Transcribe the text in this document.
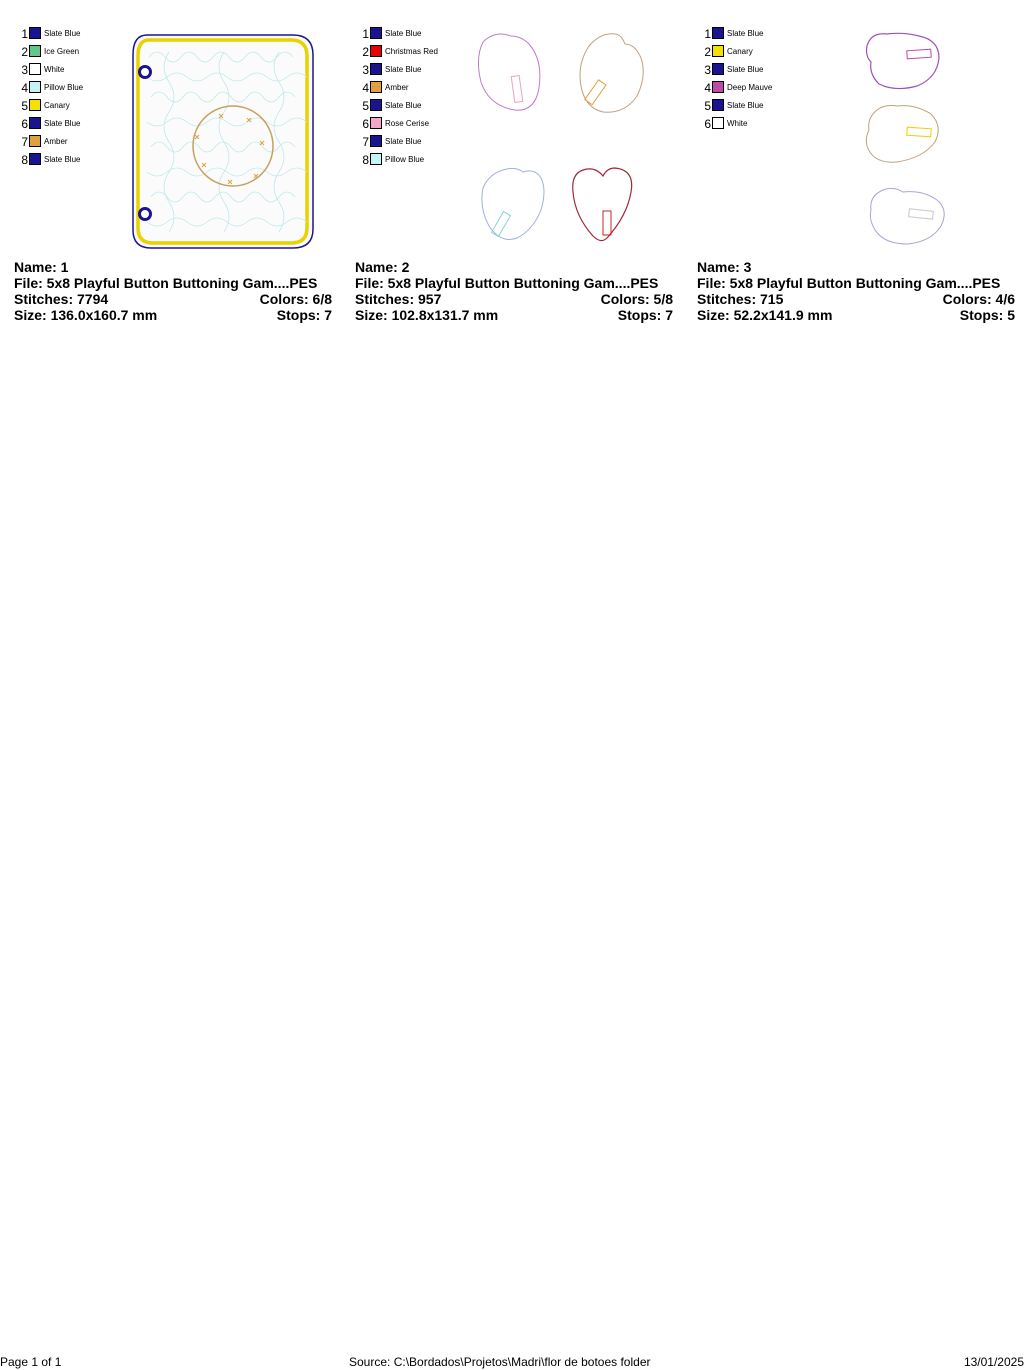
1 Slate Blue
2 Ice Green
3 White
4 Pillow Blue
5 Canary
6 Slate Blue
7 Amber
8 Slate Blue
Name: 1
File: 5x8 Playful Button Buttoning Gam....PES
Stitches: 7794	Colors: 6/8
Size: 136.0x160.7 mm	Stops: 7
1 Slate Blue
2 Christmas Red
3 Slate Blue
4 Amber
5 Slate Blue
6 Rose Cerise
7 Slate Blue
8 Pillow Blue
Name: 2
File: 5x8 Playful Button Buttoning Gam....PES
Stitches: 957	Colors: 5/8
Size: 102.8x131.7 mm	Stops: 7
1 Slate Blue
2 Canary
3 Slate Blue
4 Deep Mauve
5 Slate Blue
6 White
Name: 3
File: 5x8 Playful Button Buttoning Gam....PES
Stitches: 715	Colors: 4/6
Size: 52.2x141.9 mm	Stops: 5
Page 1 of 1	Source: C:\Bordados\Projetos\Madri\flor de botoes folder	13/01/2025
